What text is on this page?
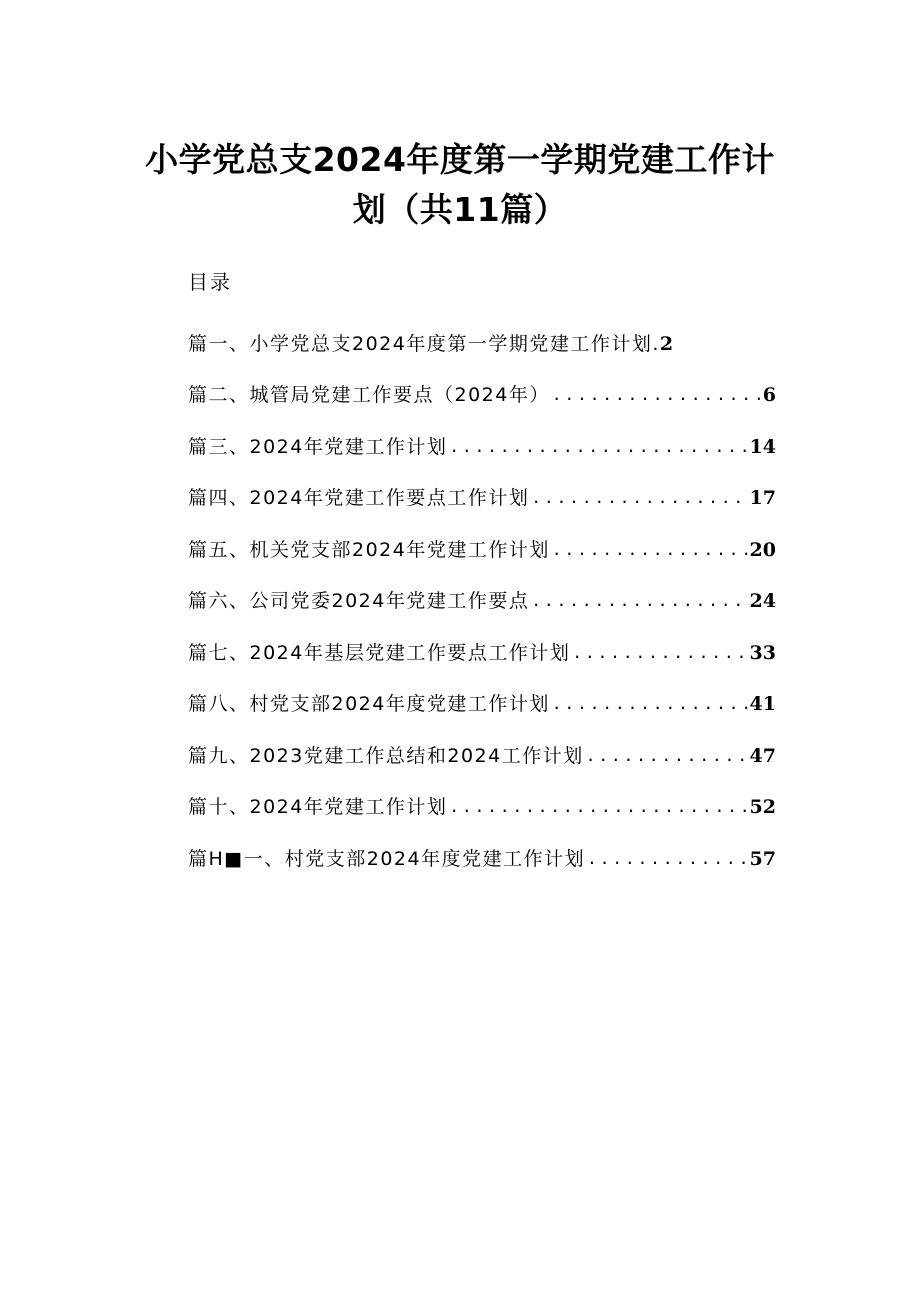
小学党总支2024年度第一学期党建工作计
划（共11篇）
目录
篇一、小学党总支2024年度第一学期党建工作计划. 2
篇二、城管局党建工作要点（2024年） .....	6
篇三、2024年党建工作计划 .....	14
篇四、2024年党建工作要点工作计划 .....	17
篇五、机关党支部2024年党建工作计划 .....	20
篇六、公司党委2024年党建工作要点 .....	24
篇七、2024年基层党建工作要点工作计划 .....	33
篇八、村党支部2024年度党建工作计划 .....	41
篇九、2023党建工作总结和2024工作计划 .....	47
篇十、2024年党建工作计划 .....	52
篇H■一、村党支部2024年度党建工作计划 .....	57
